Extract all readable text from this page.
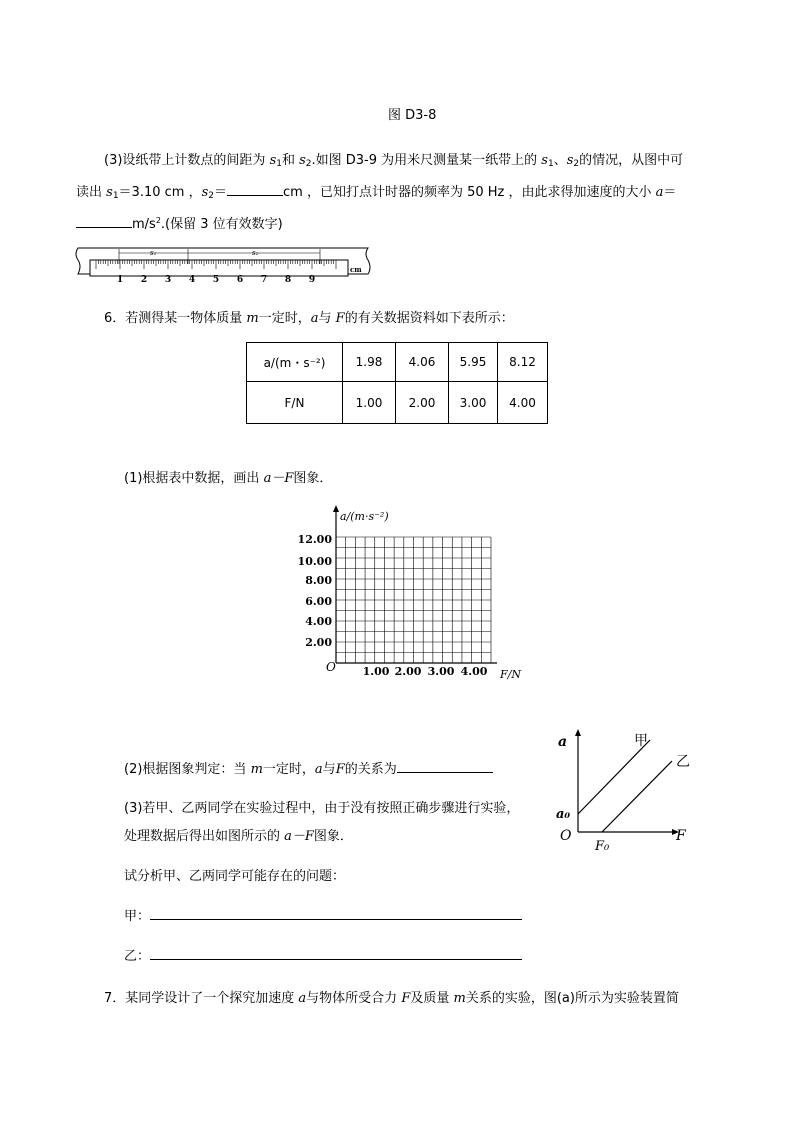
图 D3-8
(3)设纸带上计数点的间距为 $s_1$和 $s_2$.如图 D3-9 为用米尺测量某一纸带上的 $s_1$、$s_2$的情况，从图中可
读出 $s_1=3.10$ cm ，$s_2=$	cm ，已知打点计时器的频率为 50 Hz ，由此求得加速度的大小 a＝
$m/s^2$.(保留 3 位有效数字)
1 2 3 4 5 6 7 8 9
cm
s₁	s₂
6．若测得某一物体质量 m一定时，a与 F的有关数据资料如下表所示：
a/(m・s⁻²)	1.98	4.06	5.95	8.12
F/N	1.00	2.00	3.00	4.00
(1)根据表中数据，画出 a－F图象．
a/(m·s⁻²)
F/N
O
12.00
10.00
8.00
6.00
4.00
2.00
1.00 2.00 3.00 4.00
(2)根据图象判定：当 m一定时，a与F的关系为
(3)若甲、乙两同学在实验过程中，由于没有按照正确步骤进行实验，
处理数据后得出如图所示的 a－F图象．
a
F
O
a₀
F₀
甲
乙
试分析甲、乙两同学可能存在的问题：
甲：
乙：
7．某同学设计了一个探究加速度 a与物体所受合力 F及质量 m关系的实验，图(a)所示为实验装置简
